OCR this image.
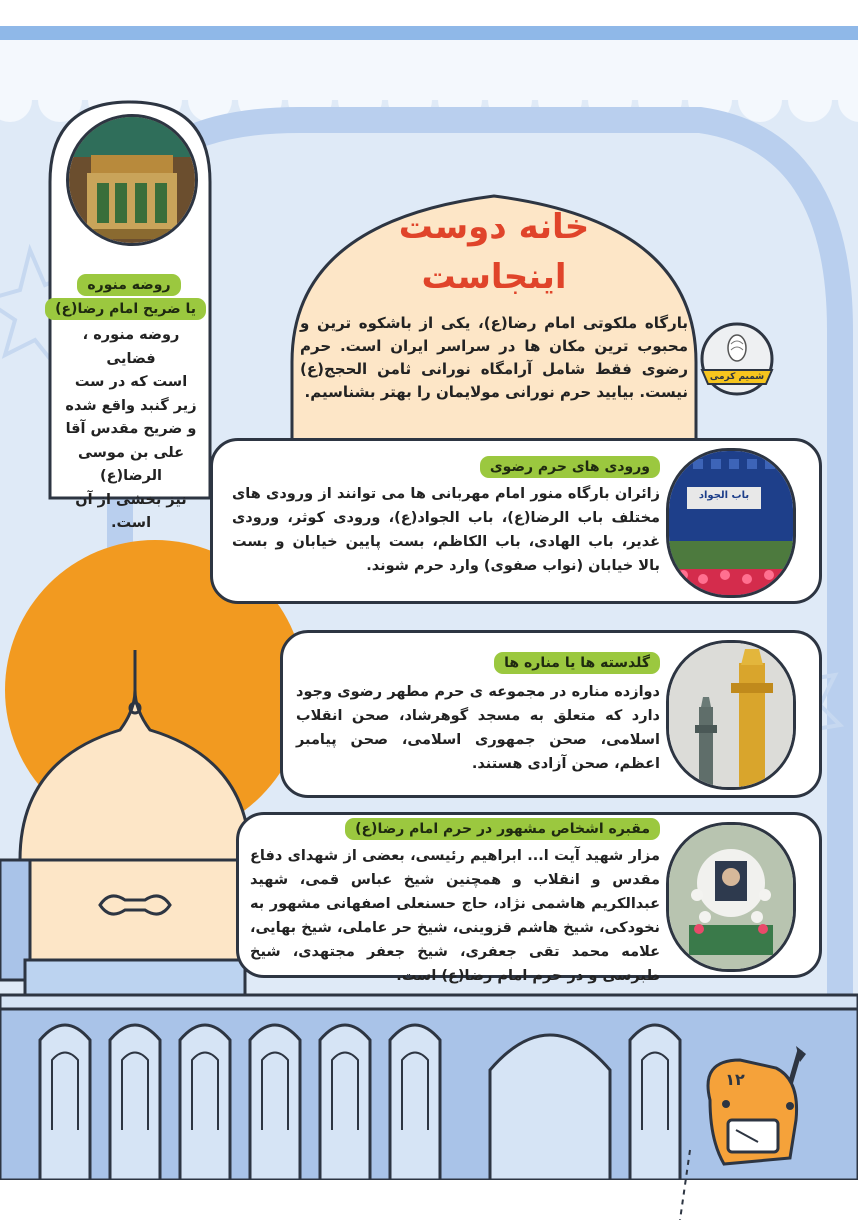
خانه دوست
اینجاست
بارگاه ملکوتی امام رضا(ع)، یکی از باشکوه ترین و محبوب ترین مکان ها در سراسر ایران است. حرم رضوی فقط شامل آرامگاه نورانی ثامن الحجج(ع) نیست. بیایید حرم نورانی مولایمان را بهتر بشناسیم.
شمیم کرمی
روضه منوره
یا ضریح امام رضا(ع)
روضه منوره ، فضایی
است که در ست
زیر گنبد واقع شده
و ضریح مقدس آقا
علی بن موسی الرضا(ع)
نیز بخشی از آن است.
باب الجواد
ورودی های حرم رضوی
زائران بارگاه منور امام مهربانی ها می توانند از ورودی های مختلف باب الرضا(ع)، باب الجواد(ع)، ورودی کوثر، ورودی غدیر، باب الهادی، باب الکاظم، بست پایین خیابان و بست بالا خیابان (نواب صفوی) وارد حرم شوند.
گلدسته ها یا مناره ها
دوازده مناره در مجموعه ی حرم مطهر رضوی وجود دارد که متعلق به مسجد گوهرشاد، صحن انقلاب اسلامی، صحن جمهوری اسلامی، صحن پیامبر اعظم، صحن آزادی هستند.
مقبره اشخاص مشهور در حرم امام رضا(ع)
مزار شهید آیت ا... ابراهیم رئیسی، بعضی از شهدای دفاع مقدس و انقلاب و همچنین شیخ عباس قمی، شهید عبدالکریم هاشمی نژاد، حاج حسنعلی اصفهانی مشهور به نخودکی، شیخ هاشم قزوینی، شیخ حر عاملی، شیخ بهایی، علامه محمد تقی جعفری، شیخ جعفر مجتهدی، شیخ طبرسی و در حرم امام رضا(ع) است.
۱۲
